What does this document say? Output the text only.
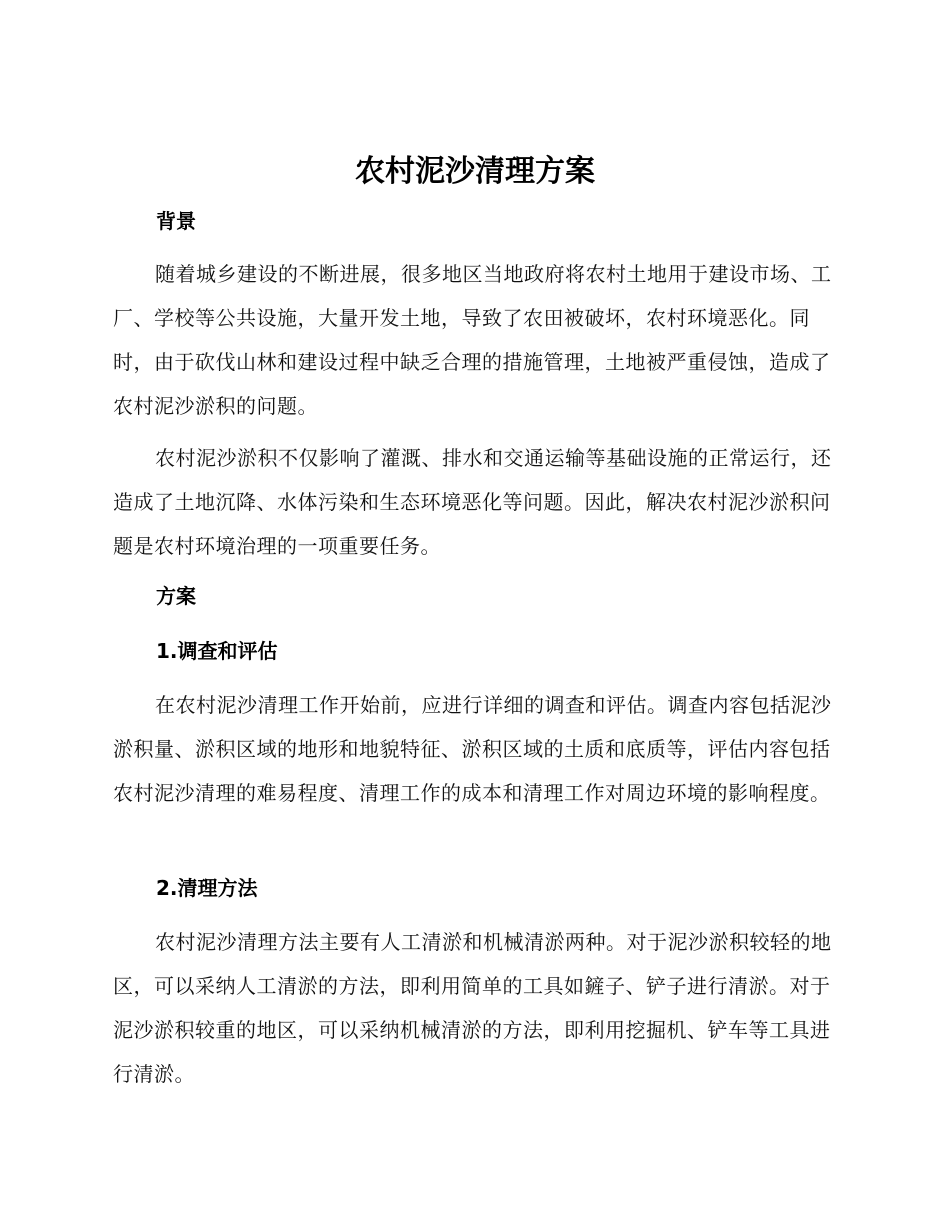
农村泥沙清理方案
背景

随着城乡建设的不断进展，很多地区当地政府将农村土地用于建设市场、工厂、学校等公共设施，大量开发土地，导致了农田被破坏，农村环境恶化。同时，由于砍伐山林和建设过程中缺乏合理的措施管理，土地被严重侵蚀，造成了农村泥沙淤积的问题。

农村泥沙淤积不仅影响了灌溉、排水和交通运输等基础设施的正常运行，还造成了土地沉降、水体污染和生态环境恶化等问题。因此，解决农村泥沙淤积问题是农村环境治理的一项重要任务。

方案
1.调查和评估

在农村泥沙清理工作开始前，应进行详细的调查和评估。调查内容包括泥沙淤积量、淤积区域的地形和地貌特征、淤积区域的土质和底质等，评估内容包括农村泥沙清理的难易程度、清理工作的成本和清理工作对周边环境的影响程度。

2.清理方法

农村泥沙清理方法主要有人工清淤和机械清淤两种。对于泥沙淤积较轻的地区，可以采纳人工清淤的方法，即利用简单的工具如鏟子、铲子进行清淤。对于泥沙淤积较重的地区，可以采纳机械清淤的方法，即利用挖掘机、铲车等工具进行清淤。
